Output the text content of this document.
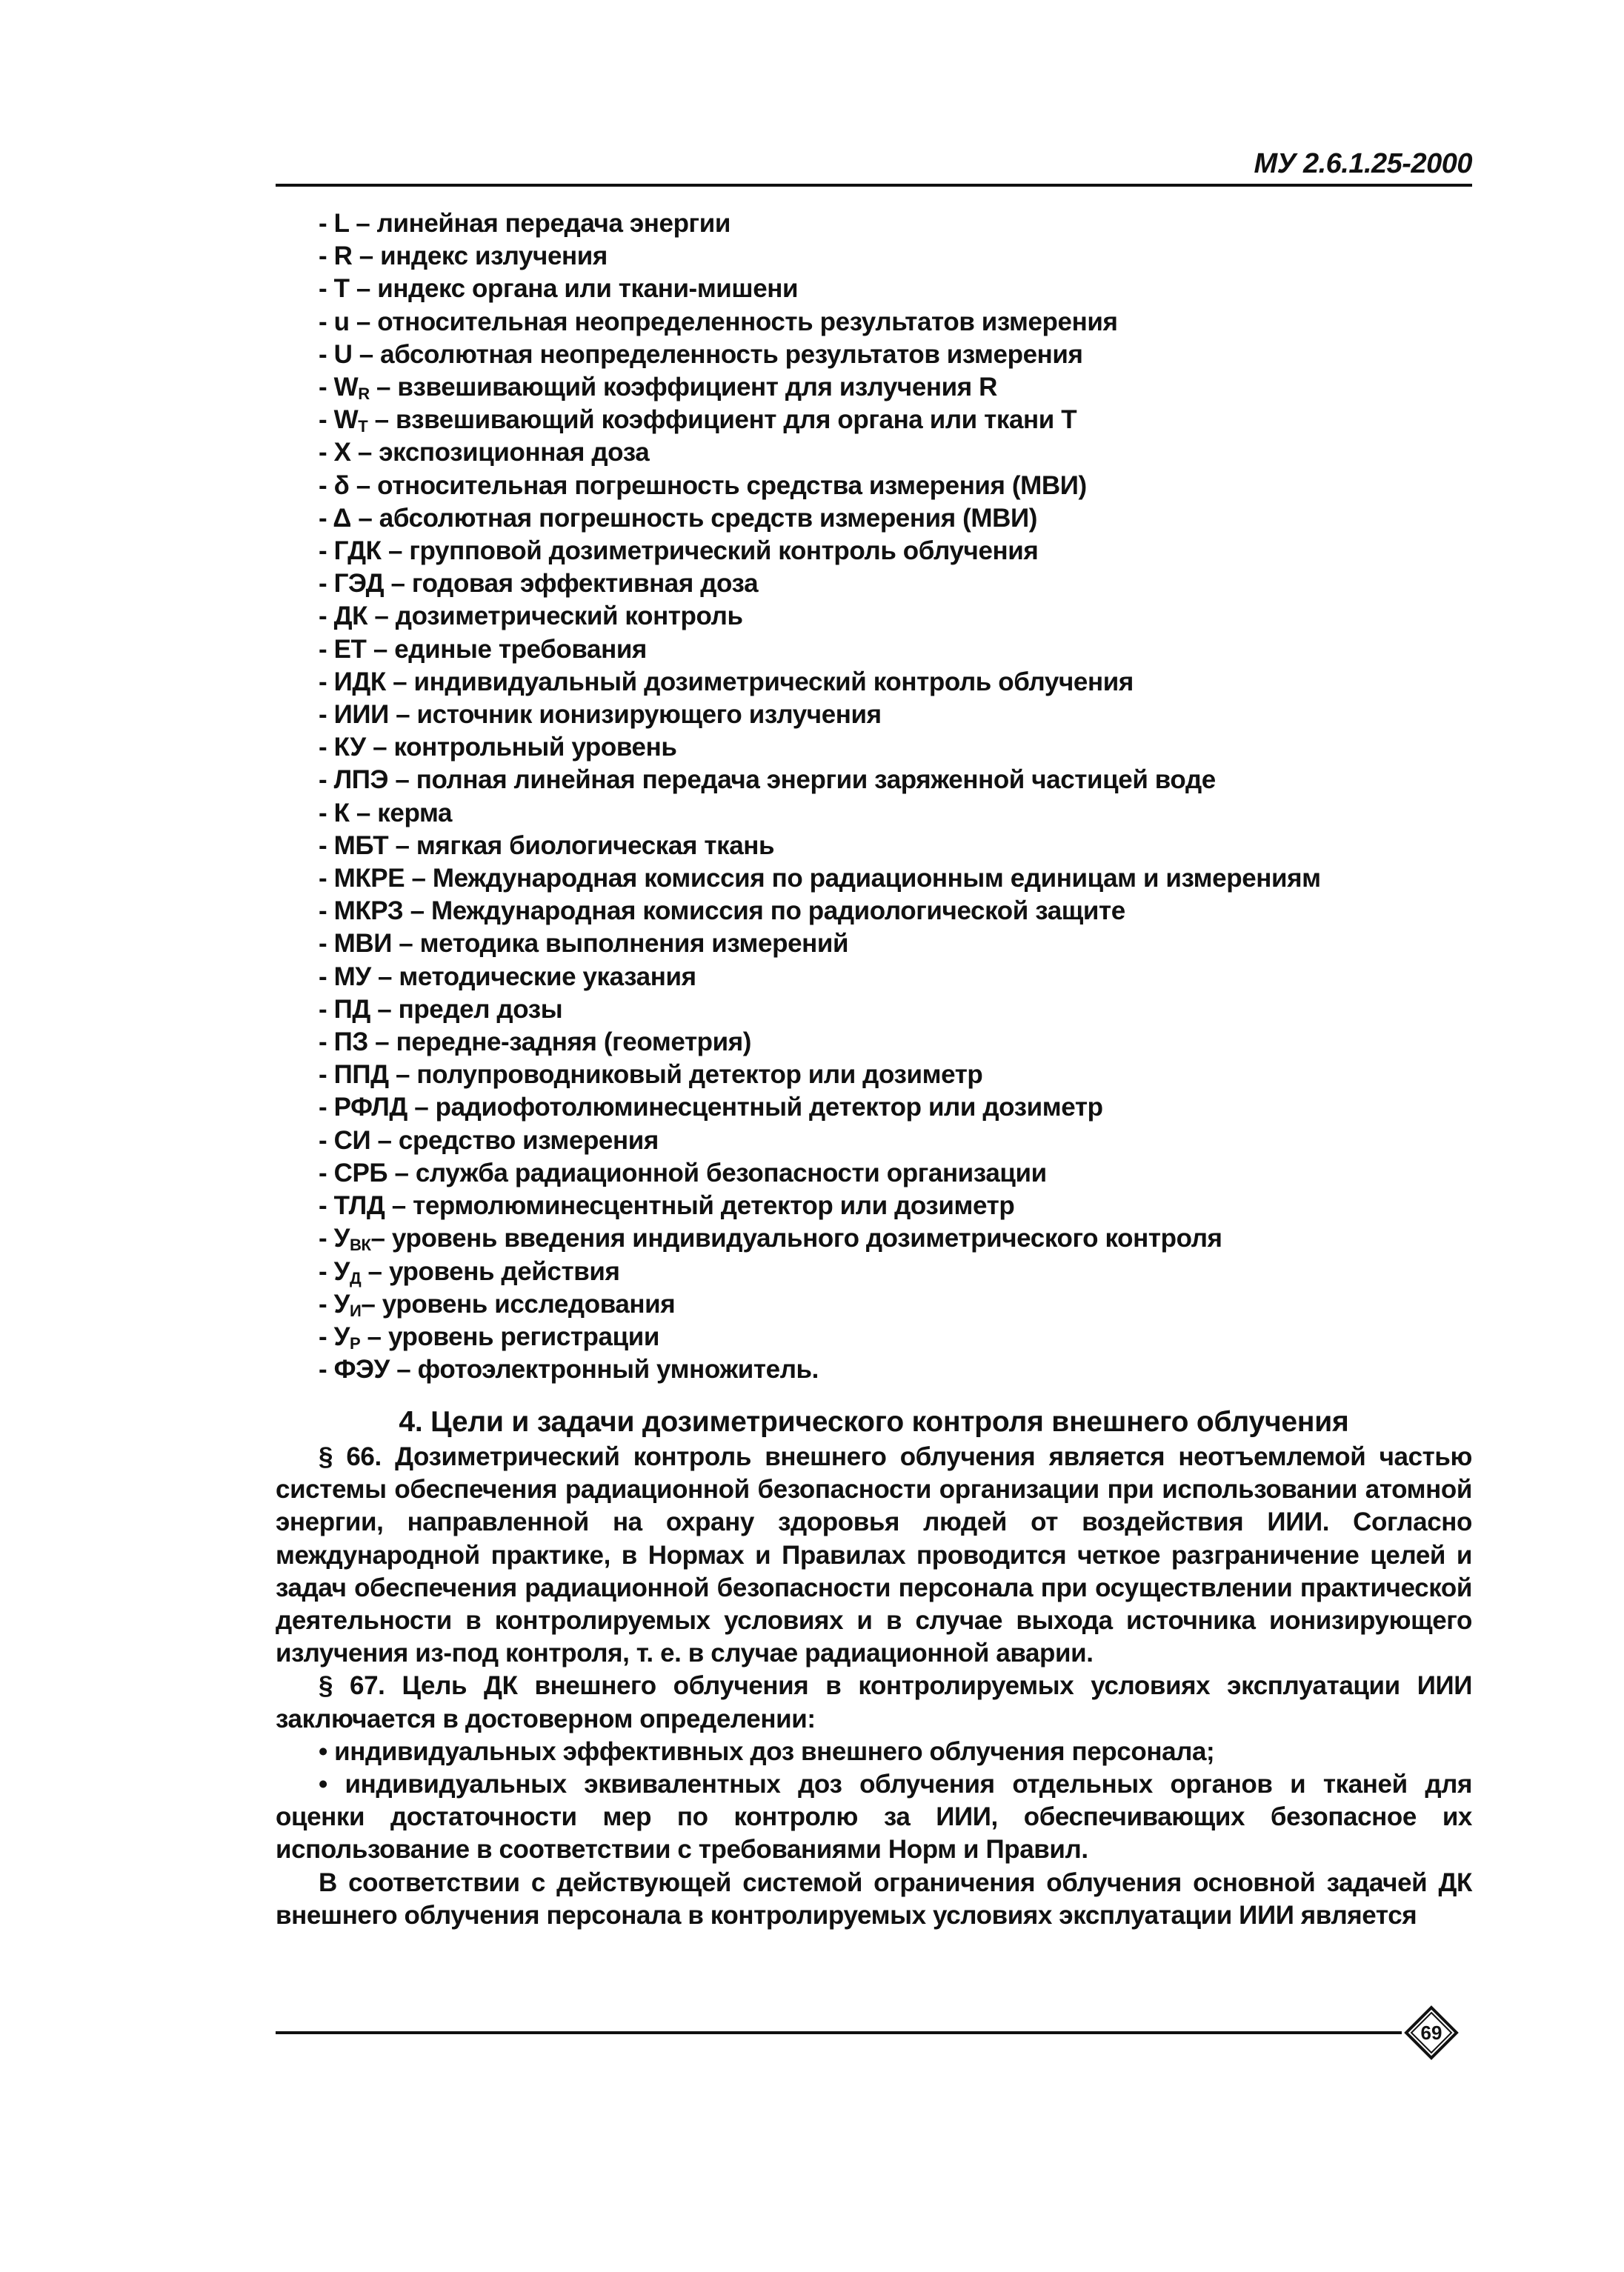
МУ 2.6.1.25-2000
- L – линейная передача энергии
- R – индекс излучения
- T – индекс органа или ткани-мишени
- u – относительная неопределенность результатов измерения
- U – абсолютная неопределенность результатов измерения
- $W_R$ – взвешивающий коэффициент для излучения R
- $W_T$ – взвешивающий коэффициент для органа или ткани T
- X – экспозиционная доза
- δ – относительная погрешность средства измерения (МВИ)
- Δ – абсолютная погрешность средств измерения (МВИ)
- ГДК – групповой дозиметрический контроль облучения
- ГЭД – годовая эффективная доза
- ДК – дозиметрический контроль
- ЕТ – единые требования
- ИДК – индивидуальный дозиметрический контроль облучения
- ИИИ – источник ионизирующего излучения
- КУ – контрольный уровень
- ЛПЭ – полная линейная передача энергии заряженной частицей воде
- К – керма
- МБТ – мягкая биологическая ткань
- МКРЕ – Международная комиссия по радиационным единицам и измерениям
- МКРЗ – Международная комиссия по радиологической защите
- МВИ – методика выполнения измерений
- МУ – методические указания
- ПД – предел дозы
- ПЗ – передне-задняя (геометрия)
- ППД – полупроводниковый детектор или дозиметр
- РФЛД – радиофотолюминесцентный детектор или дозиметр
- СИ – средство измерения
- СРБ – служба радиационной безопасности организации
- ТЛД – термолюминесцентный детектор или дозиметр
- $У_{ВК}-$ уровень введения индивидуального дозиметрического контроля
- $У_Д$ – уровень действия
- $У_И-$ уровень исследования
- $У_Р$ – уровень регистрации
- ФЭУ – фотоэлектронный умножитель.
4. Цели и задачи дозиметрического контроля внешнего облучения

§ 66. Дозиметрический контроль внешнего облучения является неотъемлемой частью системы обеспечения радиационной безопасности организации при использовании атомной энергии, направленной на охрану здоровья людей от воздействия ИИИ. Согласно международной практике, в Нормах и Правилах проводится четкое разграничение целей и задач обеспечения радиационной безопасности персонала при осуществлении практической деятельности в контролируемых условиях и в случае выхода источника ионизирующего излучения из-под контроля, т. е. в случае радиационной аварии.

§ 67. Цель ДК внешнего облучения в контролируемых условиях эксплуатации ИИИ заключается в достоверном определении:

• индивидуальных эффективных доз внешнего облучения персонала;

• индивидуальных эквивалентных доз облучения отдельных органов и тканей для оценки достаточности мер по контролю за ИИИ, обеспечивающих безопасное их использование в соответствии с требованиями Норм и Правил.

В соответствии с действующей системой ограничения облучения основной задачей ДК внешнего облучения персонала в контролируемых условиях эксплуатации ИИИ является

69
